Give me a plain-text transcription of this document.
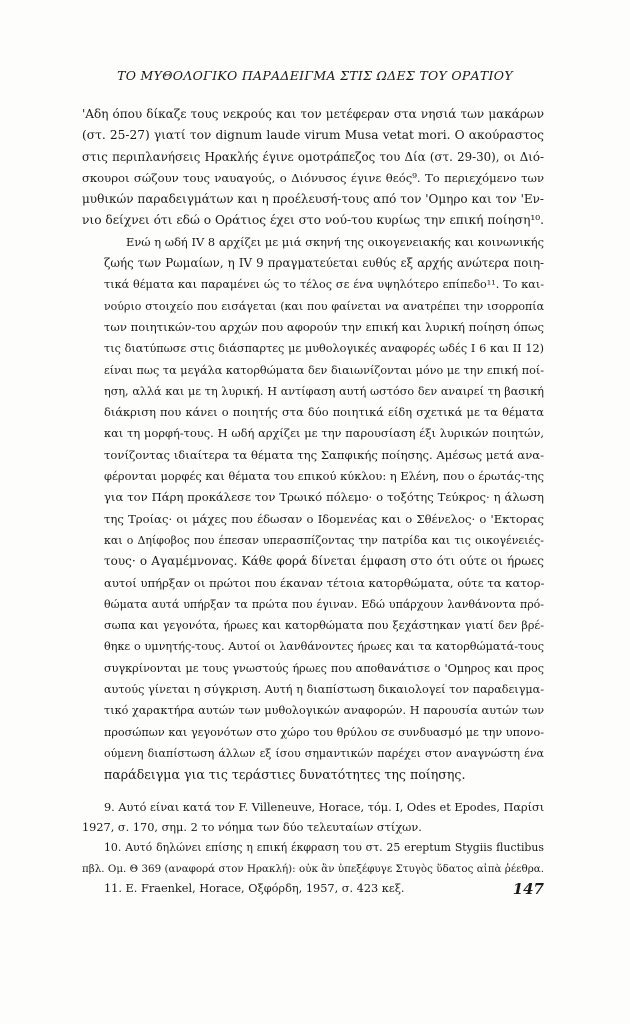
ΤΟ ΜΥΘΟΛΟΓΙΚΟ ΠΑΡΑΔΕΙΓΜΑ ΣΤΙΣ ΩΔΕΣ ΤΟΥ ΟΡΑΤΙΟΥ

'Αδη όπου δίκαζε τους νεκρούς και τον μετέφεραν στα νησιά των μακάρων
(στ. 25-27) γιατί τον dignum laude virum Musa vetat mori. Ο ακούραστος
στις περιπλανήσεις Ηρακλής έγινε ομοτράπεζος του Δία (στ. 29-30), οι Διό-
σκουροι σώζουν τους ναυαγούς, ο Διόνυσος έγινε θεός⁹. Το περιεχόμενο των
μυθικών παραδειγμάτων και η προέλευσή-τους από τον 'Ομηρο και τον 'Εν-
νιο δείχνει ότι εδώ ο Οράτιος έχει στο νού-του κυρίως την επική ποίηση¹⁰.

Ενώ η ωδή IV 8 αρχίζει με μιά σκηνή της οικογενειακής και κοινωνικής
ζωής των Ρωμαίων, η IV 9 πραγματεύεται ευθύς εξ αρχής ανώτερα ποιη-
τικά θέματα και παραμένει ώς το τέλος σε ένα υψηλότερο επίπεδο¹¹. Το και-
νούριο στοιχείο που εισάγεται (και που φαίνεται να ανατρέπει την ισορροπία
των ποιητικών-του αρχών που αφορούν την επική και λυρική ποίηση όπως
τις διατύπωσε στις διάσπαρτες με μυθολογικές αναφορές ωδές I 6 και II 12)
είναι πως τα μεγάλα κατορθώματα δεν διαιωνίζονται μόνο με την επική ποί-
ηση, αλλά και με τη λυρική. Η αντίφαση αυτή ωστόσο δεν αναιρεί τη βασική
διάκριση που κάνει ο ποιητής στα δύο ποιητικά είδη σχετικά με τα θέματα
και τη μορφή-τους. Η ωδή αρχίζει με την παρουσίαση έξι λυρικών ποιητών,
τονίζοντας ιδιαίτερα τα θέματα της Σαπφικής ποίησης. Αμέσως μετά ανα-
φέρονται μορφές και θέματα του επικού κύκλου: η Ελένη, που ο έρωτάς-της
για τον Πάρη προκάλεσε τον Τρωικό πόλεμο· ο τοξότης Τεύκρος· η άλωση
της Τροίας· οι μάχες που έδωσαν ο Ιδομενέας και ο Σθένελος· ο 'Εκτορας
και ο Δηίφοβος που έπεσαν υπερασπίζοντας την πατρίδα και τις οικογένειές-
τους· ο Αγαμέμνονας. Κάθε φορά δίνεται έμφαση στο ότι ούτε οι ήρωες
αυτοί υπήρξαν οι πρώτοι που έκαναν τέτοια κατορθώματα, ούτε τα κατορ-
θώματα αυτά υπήρξαν τα πρώτα που έγιναν. Εδώ υπάρχουν λανθάνοντα πρό-
σωπα και γεγονότα, ήρωες και κατορθώματα που ξεχάστηκαν γιατί δεν βρέ-
θηκε ο υμνητής-τους. Αυτοί οι λανθάνοντες ήρωες και τα κατορθώματά-τους
συγκρίνονται με τους γνωστούς ήρωες που αποθανάτισε ο 'Ομηρος και προς
αυτούς γίνεται η σύγκριση. Αυτή η διαπίστωση δικαιολογεί τον παραδειγμα-
τικό χαρακτήρα αυτών των μυθολογικών αναφορών. Η παρουσία αυτών των
προσώπων και γεγονότων στο χώρο του θρύλου σε συνδυασμό με την υπονο-
ούμενη διαπίστωση άλλων εξ ίσου σημαντικών παρέχει στον αναγνώστη ένα
παράδειγμα για τις τεράστιες δυνατότητες της ποίησης.

9. Αυτό είναι κατά τον F. Villeneuve, Horace, τόμ. I, Odes et Epodes, Παρίσι
1927, σ. 170, σημ. 2 το νόημα των δύο τελευταίων στίχων.

10. Αυτό δηλώνει επίσης η επική έκφραση του στ. 25 ereptum Stygiis fluctibus
πβλ. Ομ. Θ 369 (αναφορά στον Ηρακλή): οὐκ ἂν ὑπεξέφυγε Στυγὸς ὕδατος αἰπὰ ῥέεθρα.

11. E. Fraenkel, Horace, Οξφόρδη, 1957, σ. 423 κεξ.	147
